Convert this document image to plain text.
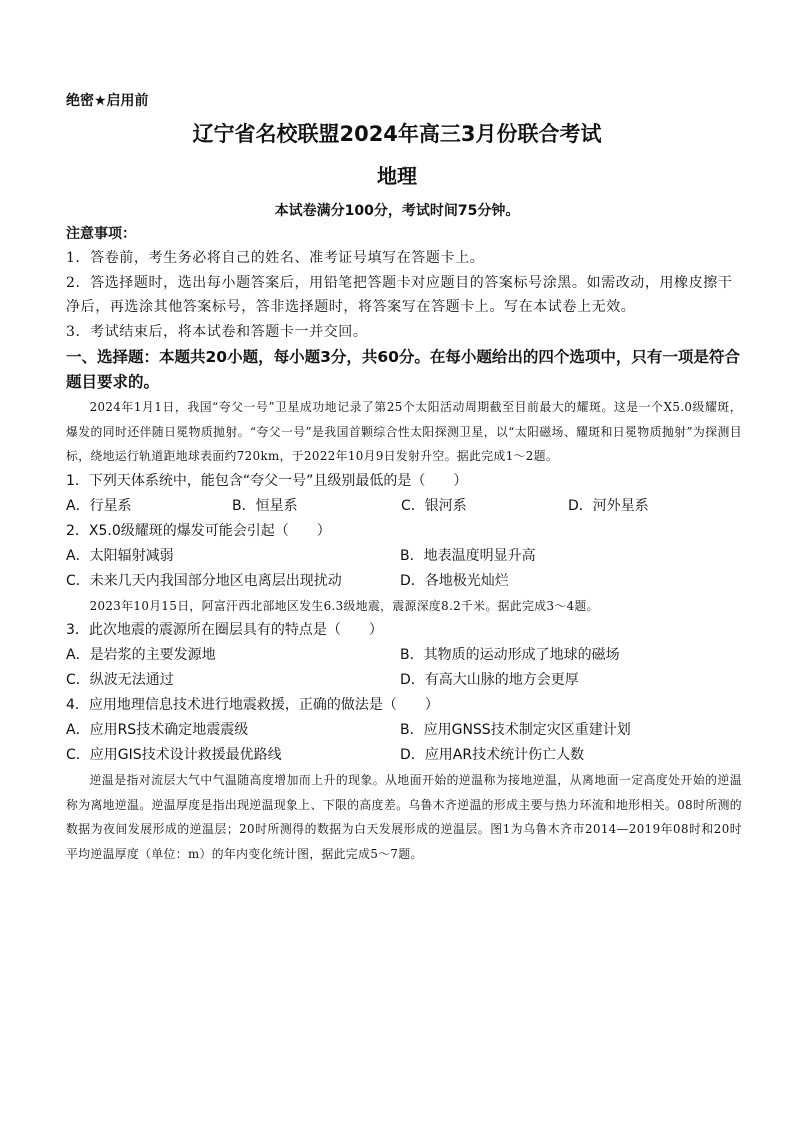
绝密★启用前
辽宁省名校联盟2024年高三3月份联合考试
地理
本试卷满分100分，考试时间75分钟。
注意事项：
1．答卷前，考生务必将自己的姓名、准考证号填写在答题卡上。
2．答选择题时，选出每小题答案后，用铅笔把答题卡对应题目的答案标号涂黑。如需改动，用橡皮擦干净后，再选涂其他答案标号，答非选择题时，将答案写在答题卡上。写在本试卷上无效。
3．考试结束后，将本试卷和答题卡一并交回。
一、选择题：本题共20小题，每小题3分，共60分。在每小题给出的四个选项中，只有一项是符合题目要求的。
2024年1月1日，我国“夸父一号”卫星成功地记录了第25个太阳活动周期截至目前最大的耀斑。这是一个X5.0级耀斑，爆发的同时还伴随日冕物质抛射。“夸父一号”是我国首颗综合性太阳探测卫星，以“太阳磁场、耀斑和日冕物质抛射”为探测目标，绕地运行轨道距地球表面约720km，于2022年10月9日发射升空。据此完成1～2题。
1．下列天体系统中，能包含“夸父一号”且级别最低的是（　　）
A．行星系	B．恒星系	C．银河系	D．河外星系
2．X5.0级耀斑的爆发可能会引起（　　）
A．太阳辐射减弱	B．地表温度明显升高
C．未来几天内我国部分地区电离层出现扰动	D．各地极光灿烂
2023年10月15日，阿富汗西北部地区发生6.3级地震，震源深度8.2千米。据此完成3～4题。
3．此次地震的震源所在圈层具有的特点是（　　）
A．是岩浆的主要发源地	B．其物质的运动形成了地球的磁场
C．纵波无法通过	D．有高大山脉的地方会更厚
4．应用地理信息技术进行地震救援，正确的做法是（　　）
A．应用RS技术确定地震震级	B．应用GNSS技术制定灾区重建计划
C．应用GIS技术设计救援最优路线	D．应用AR技术统计伤亡人数
逆温是指对流层大气中气温随高度增加而上升的现象。从地面开始的逆温称为接地逆温，从离地面一定高度处开始的逆温称为离地逆温。逆温厚度是指出现逆温现象上、下限的高度差。乌鲁木齐逆温的形成主要与热力环流和地形相关。08时所测的数据为夜间发展形成的逆温层；20时所测得的数据为白天发展形成的逆温层。图1为乌鲁木齐市2014—2019年08时和20时平均逆温厚度（单位：m）的年内变化统计图，据此完成5～7题。
